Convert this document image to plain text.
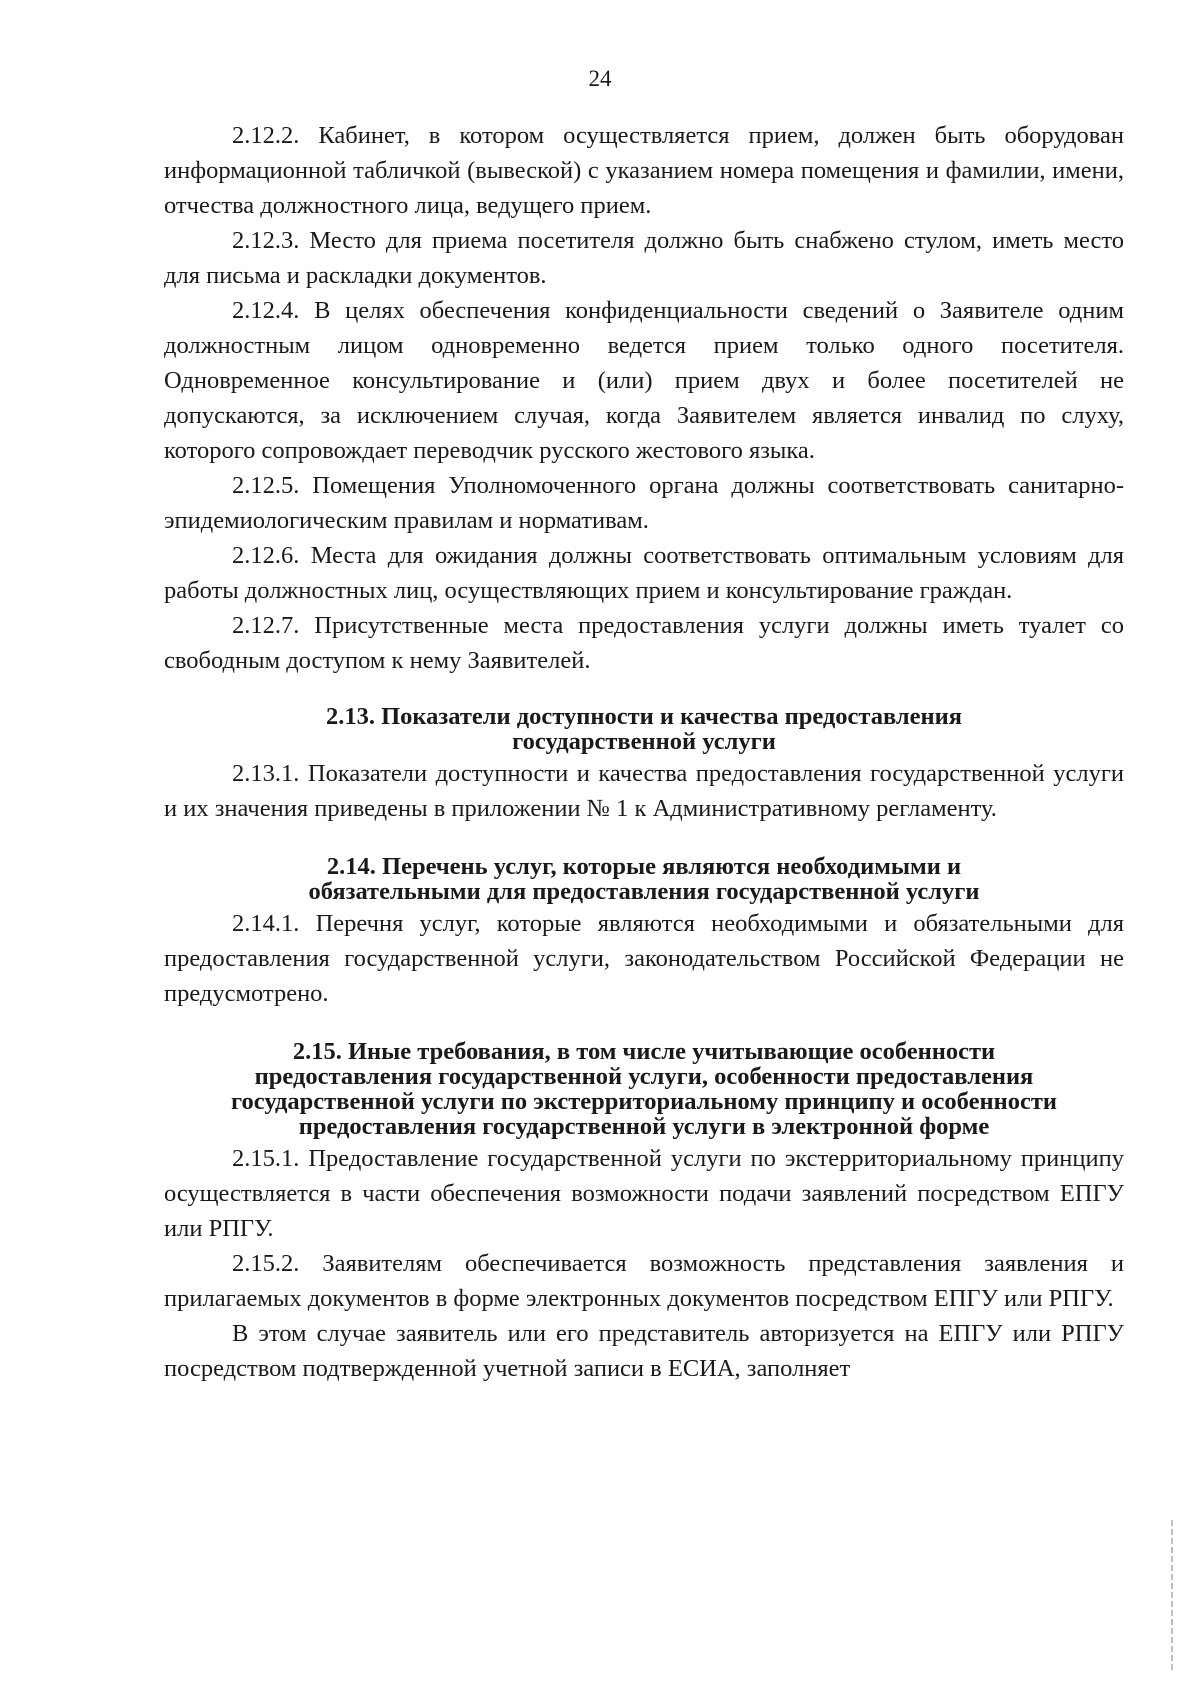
24

2.12.2. Кабинет, в котором осуществляется прием, должен быть оборудован информационной табличкой (вывеской) с указанием номера помещения и фамилии, имени, отчества должностного лица, ведущего прием.

2.12.3. Место для приема посетителя должно быть снабжено стулом, иметь место для письма и раскладки документов.

2.12.4. В целях обеспечения конфиденциальности сведений о Заявителе одним должностным лицом одновременно ведется прием только одного посетителя. Одновременное консультирование и (или) прием двух и более посетителей не допускаются, за исключением случая, когда Заявителем является инвалид по слуху, которого сопровождает переводчик русского жестового языка.

2.12.5. Помещения Уполномоченного органа должны соответствовать санитарно-эпидемиологическим правилам и нормативам.

2.12.6. Места для ожидания должны соответствовать оптимальным условиям для работы должностных лиц, осуществляющих прием и консультирование граждан.

2.12.7. Присутственные места предоставления услуги должны иметь туалет со свободным доступом к нему Заявителей.

2.13. Показатели доступности и качества предоставления
государственной услуги

2.13.1. Показатели доступности и качества предоставления государственной услуги и их значения приведены в приложении № 1 к Административному регламенту.

2.14. Перечень услуг, которые являются необходимыми и
обязательными для предоставления государственной услуги

2.14.1. Перечня услуг, которые являются необходимыми и обязательными для предоставления государственной услуги, законодательством Российской Федерации не предусмотрено.

2.15. Иные требования, в том числе учитывающие особенности
предоставления государственной услуги, особенности предоставления
государственной услуги по экстерриториальному принципу и особенности
предоставления государственной услуги в электронной форме

2.15.1. Предоставление государственной услуги по экстерриториальному принципу осуществляется в части обеспечения возможности подачи заявлений посредством ЕПГУ или РПГУ.

2.15.2. Заявителям обеспечивается возможность представления заявления и прилагаемых документов в форме электронных документов посредством ЕПГУ или РПГУ.

В этом случае заявитель или его представитель авторизуется на ЕПГУ или РПГУ посредством подтвержденной учетной записи в ЕСИА, заполняет
